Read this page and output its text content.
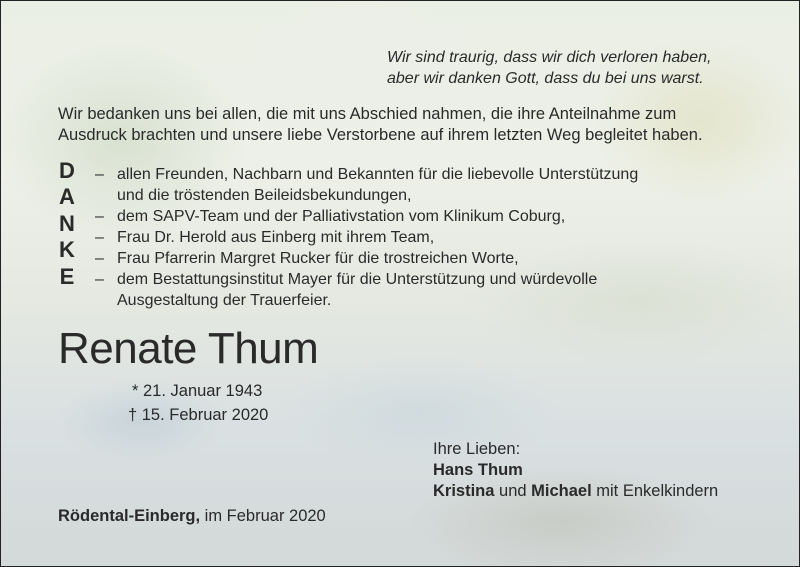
Wir sind traurig, dass wir dich verloren haben,
aber wir danken Gott, dass du bei uns warst.
Wir bedanken uns bei allen, die mit uns Abschied nahmen, die ihre Anteilnahme zum
Ausdruck brachten und unsere liebe Verstorbene auf ihrem letzten Weg begleitet haben.
D
A
N
K
E
– allen Freunden, Nachbarn und Bekannten für die liebevolle Unterstützung
und die tröstenden Beileidsbekundungen,
– dem SAPV-Team und der Palliativstation vom Klinikum Coburg,
– Frau Dr. Herold aus Einberg mit ihrem Team,
– Frau Pfarrerin Margret Rucker für die trostreichen Worte,
– dem Bestattungsinstitut Mayer für die Unterstützung und würdevolle
Ausgestaltung der Trauerfeier.
Renate Thum
* 21. Januar 1943
† 15. Februar 2020
Ihre Lieben:
Hans Thum
Kristina und Michael mit Enkelkindern
Rödental-Einberg, im Februar 2020
